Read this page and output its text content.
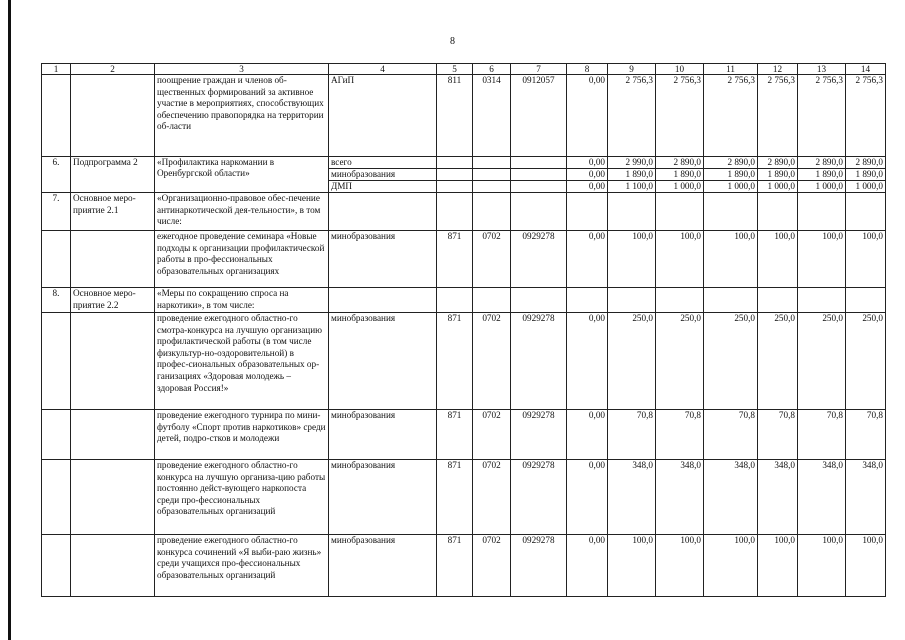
8
1	2	3	4	5	6	7	8	9	10	11	12	13	14
		поощрение граждан и членов об-щественных формирований за активное участие в мероприятиях, способствующих обеспечению правопорядка на территории об-ласти	АГиП	811	0314	0912057	0,00	2 756,3	2 756,3	2 756,3	2 756,3	2 756,3	2 756,3
6.	Подпрограмма 2	«Профилактика наркомании в Оренбургской области»	всего				0,00	2 990,0	2 890,0	2 890,0	2 890,0	2 890,0	2 890,0
			минобразования				0,00	1 890,0	1 890,0	1 890,0	1 890,0	1 890,0	1 890,0
			ДМП				0,00	1 100,0	1 000,0	1 000,0	1 000,0	1 000,0	1 000,0
7.	Основное меро-приятие 2.1	«Организационно-правовое обес-печение антинаркотической дея-тельности», в том числе:											
		ежегодное проведение семинара «Новые подходы к организации профилактической работы в про-фессиональных образовательных организациях	минобразования	871	0702	0929278	0,00	100,0	100,0	100,0	100,0	100,0	100,0
8.	Основное меро-приятие 2.2	«Меры по сокращению спроса на наркотики», в том числе:											
		проведение ежегодного областно-го смотра-конкурса на лучшую организацию профилактической работы (в том числе физкультур-но-оздоровительной) в профес-сиональных образовательных ор-ганизациях «Здоровая молодежь – здоровая Россия!»	минобразования	871	0702	0929278	0,00	250,0	250,0	250,0	250,0	250,0	250,0
		проведение ежегодного турнира по мини-футболу «Спорт против наркотиков» среди детей, подро-стков и молодежи	минобразования	871	0702	0929278	0,00	70,8	70,8	70,8	70,8	70,8	70,8
		проведение ежегодного областно-го конкурса на лучшую организа-цию работы постоянно дейст-вующего наркопоста среди про-фессиональных образовательных организаций	минобразования	871	0702	0929278	0,00	348,0	348,0	348,0	348,0	348,0	348,0
		проведение ежегодного областно-го конкурса сочинений «Я выби-раю жизнь» среди учащихся про-фессиональных образовательных организаций	минобразования	871	0702	0929278	0,00	100,0	100,0	100,0	100,0	100,0	100,0
